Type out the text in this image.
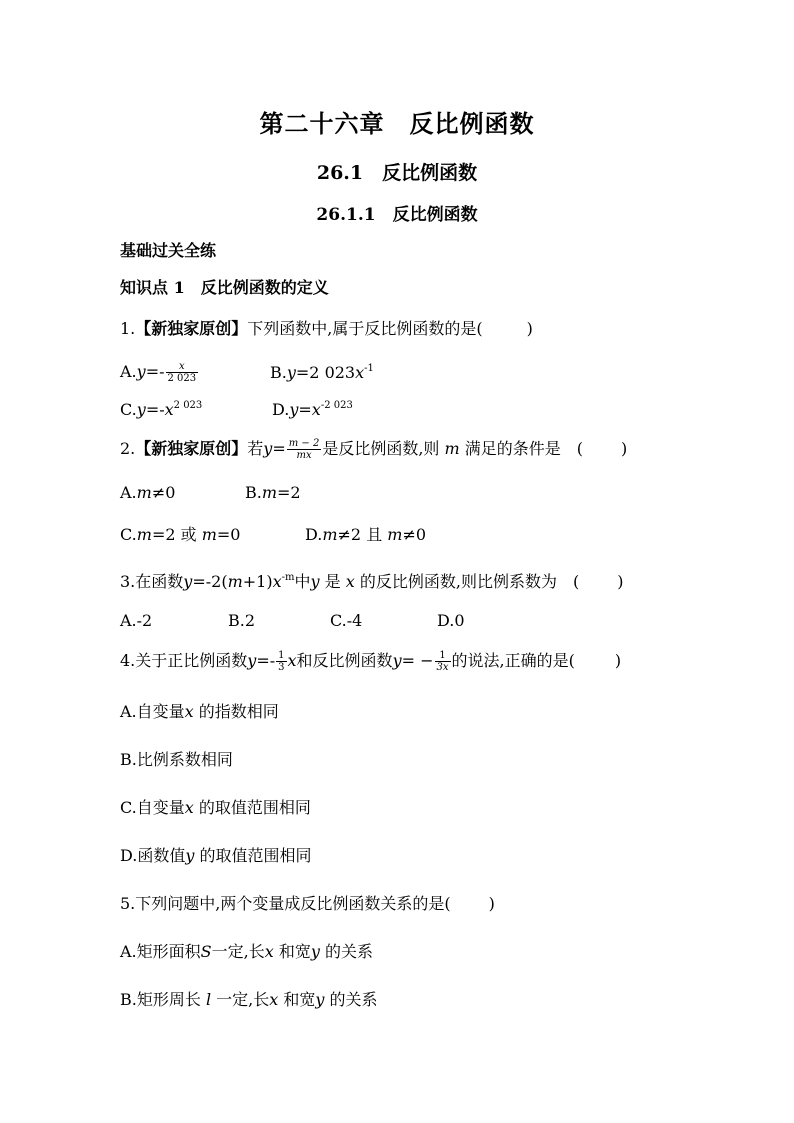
第二十六章　反比例函数
26.1　反比例函数
26.1.1　反比例函数
基础过关全练
知识点 1　反比例函数的定义
1.【新独家原创】下列函数中,属于反比例函数的是(	)
$A.y=- \frac{x}{2 023}$	B.y=2 $023x^{-1}$
$C.y=-x^{2 023}$	$D.y=x^{-2 023}$
2.【新独家原创】若$y= \frac{m - 2}{mx}$ 是反比例函数,则 m 满足的条件是　( )
A.m≠0	B.m=2
C.m=2 或 m=0	D.m≠2 且 m≠0
3.在函数$y=-2(m+1)x^{-m}$中y 是 x 的反比例函数,则比例系数为　( )
A.-2	B.2	C.-4	D.0
4.关于正比例函数$y=- \frac{1}{3}$ x和反比例函数$y= - \frac{1}{3x}$ 的说法,正确的是(	)
A.自变量x 的指数相同
B.比例系数相同
C.自变量x 的取值范围相同
D.函数值y 的取值范围相同
5.下列问题中,两个变量成反比例函数关系的是( )
A.矩形面积S一定,长x 和宽y 的关系
B.矩形周长 l 一定,长x 和宽y 的关系
